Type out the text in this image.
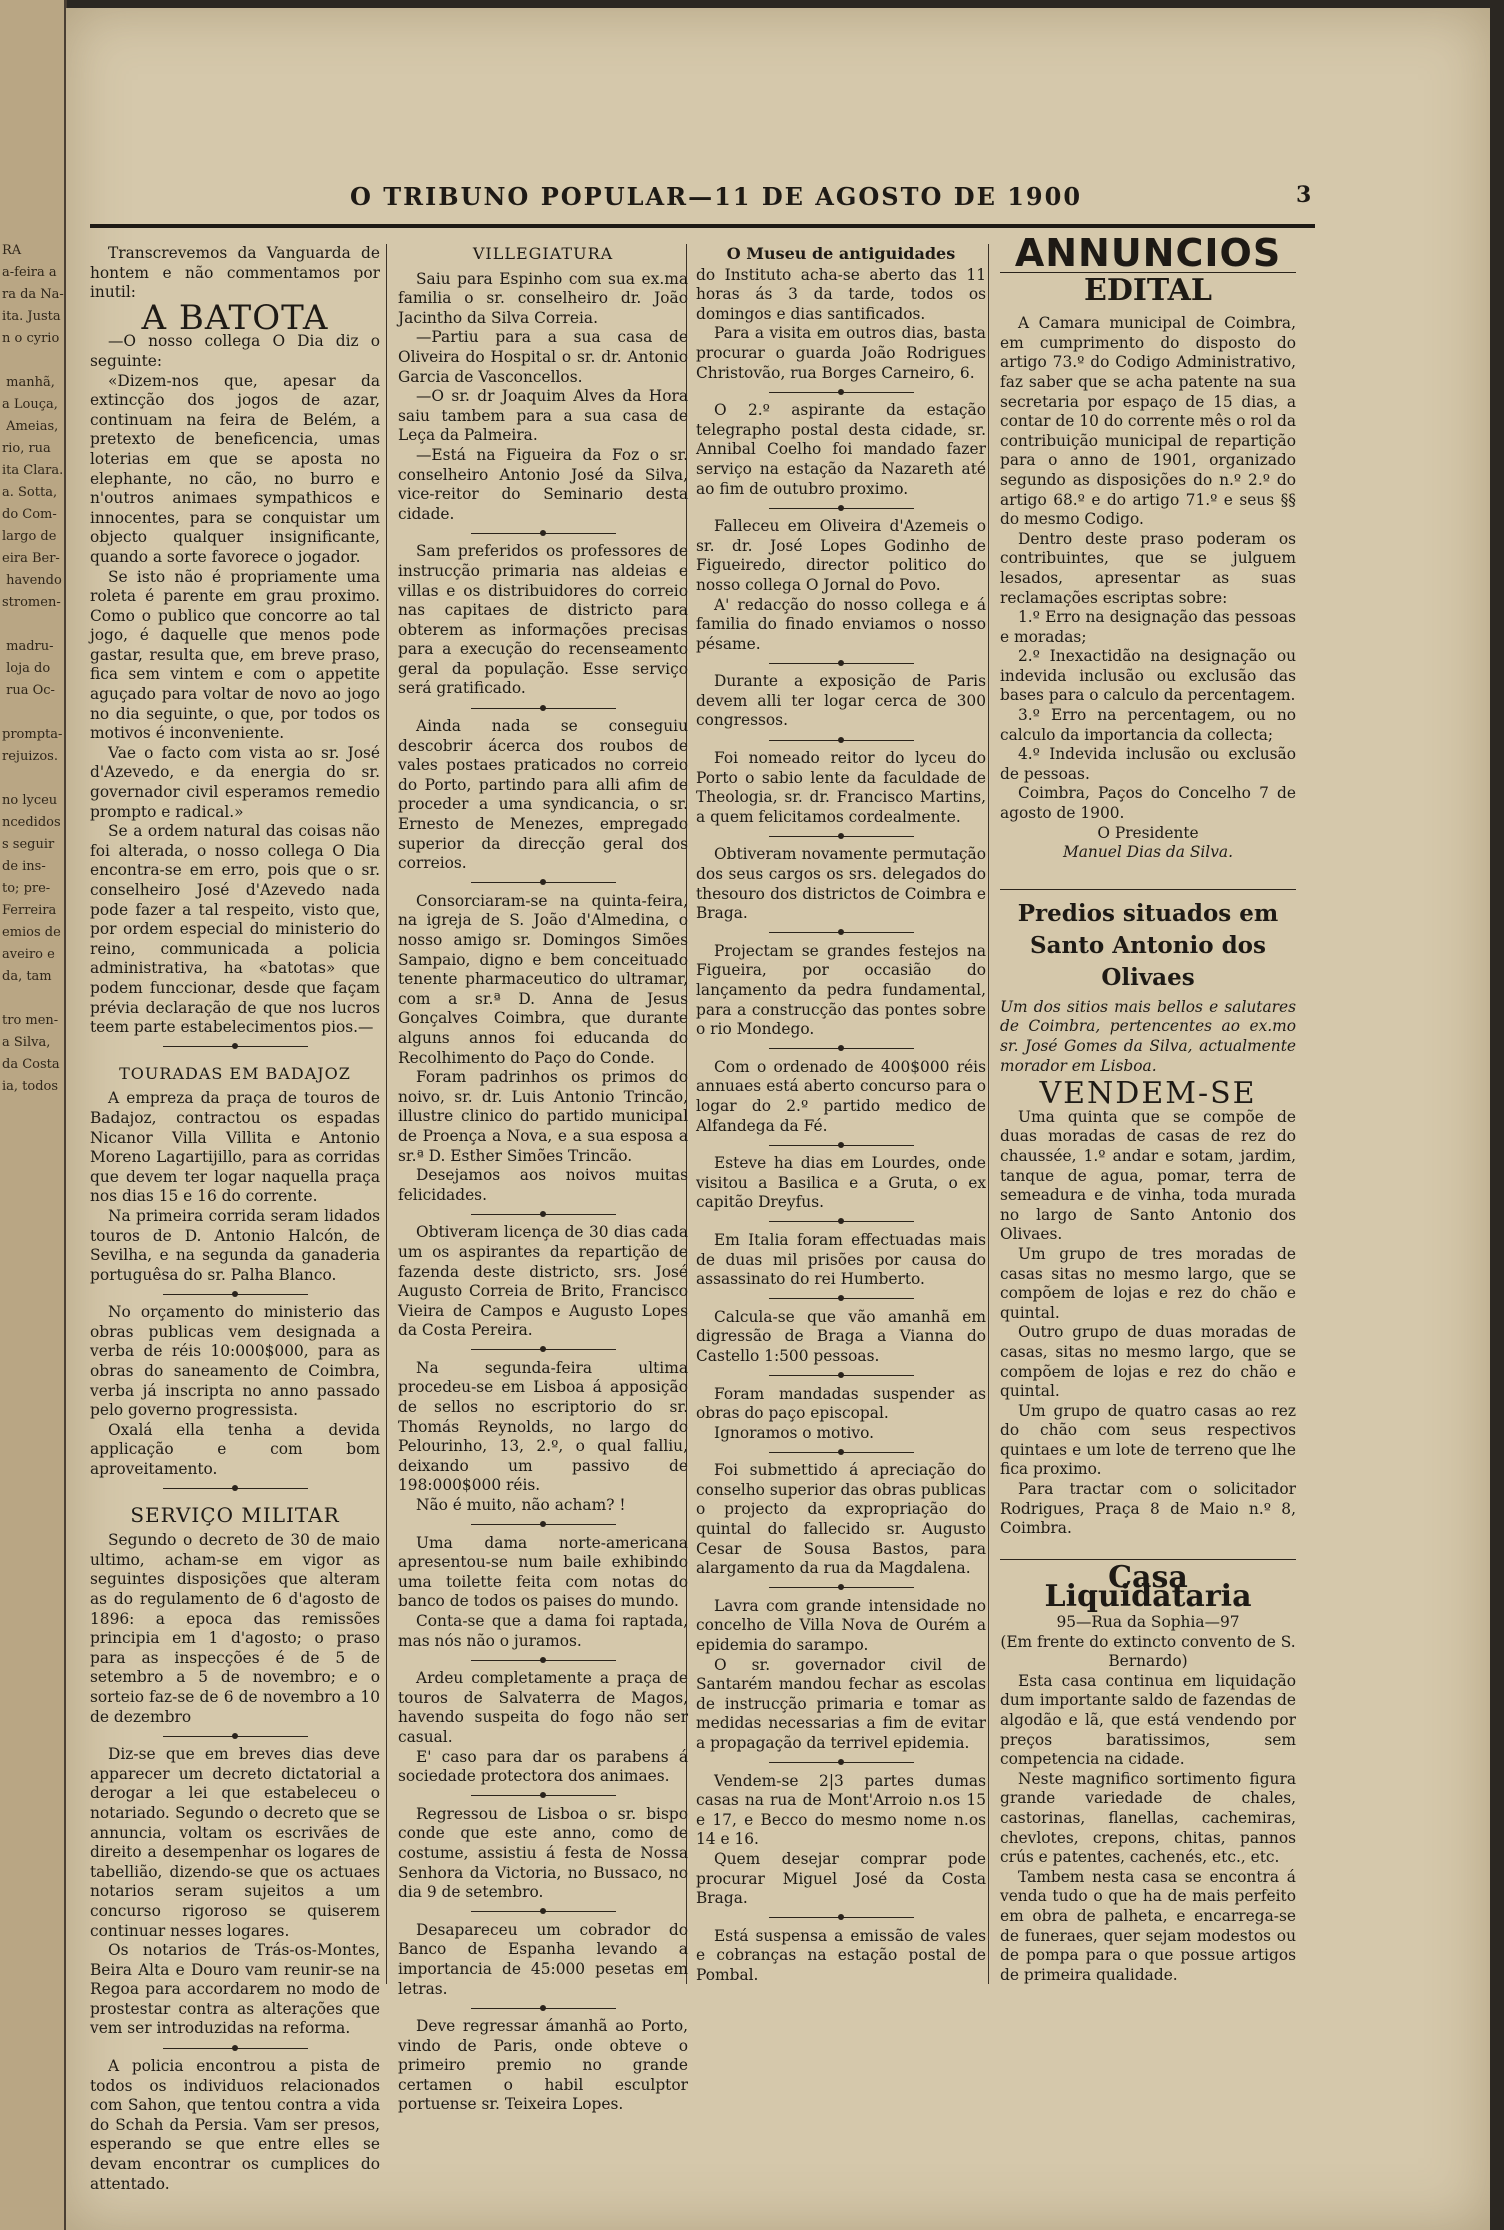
RA
a-feira a
ra da Na-
ita. Justa
n o cyrio

manhã,
a Louça,
Ameias,
rio, rua
ita Clara.
a. Sotta,
do Com-
largo de
eira Ber-
havendo
stromen-

madru-
loja do
rua Oc-

prompta-
rejuizos.

no lyceu
ncedidos
s seguir
de ins-
to; pre-
Ferreira
emios de
aveiro e
da, tam

tro men-
a Silva,
da Costa
ia, todos
O TRIBUNO POPULAR—11 DE AGOSTO DE 1900	3

Transcrevemos da Vanguarda de hontem e não commentamos por inutil:

A BATOTA

—O nosso collega O Dia diz o seguinte:

«Dizem-nos que, apesar da extincção dos jogos de azar, continuam na feira de Belém, a pretexto de beneficencia, umas loterias em que se aposta no elephante, no cão, no burro e n'outros animaes sympathicos e innocentes, para se conquistar um objecto qualquer insignificante, quando a sorte favorece o jogador.

Se isto não é propriamente uma roleta é parente em grau proximo. Como o publico que concorre ao tal jogo, é daquelle que menos pode gastar, resulta que, em breve praso, fica sem vintem e com o appetite aguçado para voltar de novo ao jogo no dia seguinte, o que, por todos os motivos é inconveniente.

Vae o facto com vista ao sr. José d'Azevedo, e da energia do sr. governador civil esperamos remedio prompto e radical.»

Se a ordem natural das coisas não foi alterada, o nosso collega O Dia encontra-se em erro, pois que o sr. conselheiro José d'Azevedo nada pode fazer a tal respeito, visto que, por ordem especial do ministerio do reino, communicada a policia administrativa, ha «batotas» que podem funccionar, desde que façam prévia declaração de que nos lucros teem parte estabelecimentos pios.—

TOURADAS EM BADAJOZ

A empreza da praça de touros de Badajoz, contractou os espadas Nicanor Villa Villita e Antonio Moreno Lagartijillo, para as corridas que devem ter logar naquella praça nos dias 15 e 16 do corrente.

Na primeira corrida seram lidados touros de D. Antonio Halcón, de Sevilha, e na segunda da ganaderia portuguêsa do sr. Palha Blanco.

No orçamento do ministerio das obras publicas vem designada a verba de réis 10:000$000, para as obras do saneamento de Coimbra, verba já inscripta no anno passado pelo governo progressista.

Oxalá ella tenha a devida applicação e com bom aproveitamento.

SERVIÇO MILITAR

Segundo o decreto de 30 de maio ultimo, acham-se em vigor as seguintes disposições que alteram as do regulamento de 6 d'agosto de 1896: a epoca das remissões principia em 1 d'agosto; o praso para as inspecções é de 5 de setembro a 5 de novembro; e o sorteio faz-se de 6 de novembro a 10 de dezembro

Diz-se que em breves dias deve apparecer um decreto dictatorial a derogar a lei que estabeleceu o notariado. Segundo o decreto que se annuncia, voltam os escrivães de direito a desempenhar os logares de tabellião, dizendo-se que os actuaes notarios seram sujeitos a um concurso rigoroso se quiserem continuar nesses logares.

Os notarios de Trás-os-Montes, Beira Alta e Douro vam reunir-se na Regoa para accordarem no modo de prostestar contra as alterações que vem ser introduzidas na reforma.

A policia encontrou a pista de todos os individuos relacionados com Sahon, que tentou contra a vida do Schah da Persia. Vam ser presos, esperando se que entre elles se devam encontrar os cumplices do attentado.

VILLEGIATURA

Saiu para Espinho com sua ex.ma familia o sr. conselheiro dr. João Jacintho da Silva Correia.

—Partiu para a sua casa de Oliveira do Hospital o sr. dr. Antonio Garcia de Vasconcellos.

—O sr. dr Joaquim Alves da Hora saiu tambem para a sua casa de Leça da Palmeira.

—Está na Figueira da Foz o sr. conselheiro Antonio José da Silva, vice-reitor do Seminario desta cidade.

Sam preferidos os professores de instrucção primaria nas aldeias e villas e os distribuidores do correio nas capitaes de districto para obterem as informações precisas para a execução do recenseamento geral da população. Esse serviço será gratificado.

Ainda nada se conseguiu descobrir ácerca dos roubos de vales postaes praticados no correio do Porto, partindo para alli afim de proceder a uma syndicancia, o sr. Ernesto de Menezes, empregado superior da direcção geral dos correios.

Consorciaram-se na quinta-feira, na igreja de S. João d'Almedina, o nosso amigo sr. Domingos Simões Sampaio, digno e bem conceituado tenente pharmaceutico do ultramar, com a sr.ª D. Anna de Jesus Gonçalves Coimbra, que durante alguns annos foi educanda do Recolhimento do Paço do Conde.

Foram padrinhos os primos do noivo, sr. dr. Luis Antonio Trincão, illustre clinico do partido municipal de Proença a Nova, e a sua esposa a sr.ª D. Esther Simões Trincão.

Desejamos aos noivos muitas felicidades.

Obtiveram licença de 30 dias cada um os aspirantes da repartição de fazenda deste districto, srs. José Augusto Correia de Brito, Francisco Vieira de Campos e Augusto Lopes da Costa Pereira.

Na segunda-feira ultima procedeu-se em Lisboa á apposição de sellos no escriptorio do sr. Thomás Reynolds, no largo do Pelourinho, 13, 2.º, o qual falliu, deixando um passivo de 198:000$000 réis.

Não é muito, não acham? !

Uma dama norte-americana apresentou-se num baile exhibindo uma toilette feita com notas do banco de todos os paises do mundo.

Conta-se que a dama foi raptada, mas nós não o juramos.

Ardeu completamente a praça de touros de Salvaterra de Magos, havendo suspeita do fogo não ser casual.

E' caso para dar os parabens á sociedade protectora dos animaes.

Regressou de Lisboa o sr. bispo conde que este anno, como de costume, assistiu á festa de Nossa Senhora da Victoria, no Bussaco, no dia 9 de setembro.

Desapareceu um cobrador do Banco de Espanha levando a importancia de 45:000 pesetas em letras.

Deve regressar ámanhã ao Porto, vindo de Paris, onde obteve o primeiro premio no grande certamen o habil esculptor portuense sr. Teixeira Lopes.

O Museu de antiguidades

do Instituto acha-se aberto das 11 horas ás 3 da tarde, todos os domingos e dias santificados.

Para a visita em outros dias, basta procurar o guarda João Rodrigues Christovão, rua Borges Carneiro, 6.

O 2.º aspirante da estação telegrapho postal desta cidade, sr. Annibal Coelho foi mandado fazer serviço na estação da Nazareth até ao fim de outubro proximo.

Falleceu em Oliveira d'Azemeis o sr. dr. José Lopes Godinho de Figueiredo, director politico do nosso collega O Jornal do Povo.

A' redacção do nosso collega e á familia do finado enviamos o nosso pésame.

Durante a exposição de Paris devem alli ter logar cerca de 300 congressos.

Foi nomeado reitor do lyceu do Porto o sabio lente da faculdade de Theologia, sr. dr. Francisco Martins, a quem felicitamos cordealmente.

Obtiveram novamente permutação dos seus cargos os srs. delegados do thesouro dos districtos de Coimbra e Braga.

Projectam se grandes festejos na Figueira, por occasião do lançamento da pedra fundamental, para a construcção das pontes sobre o rio Mondego.

Com o ordenado de 400$000 réis annuaes está aberto concurso para o logar do 2.º partido medico de Alfandega da Fé.

Esteve ha dias em Lourdes, onde visitou a Basilica e a Gruta, o ex capitão Dreyfus.

Em Italia foram effectuadas mais de duas mil prisões por causa do assassinato do rei Humberto.

Calcula-se que vão amanhã em digressão de Braga a Vianna do Castello 1:500 pessoas.

Foram mandadas suspender as obras do paço episcopal.

Ignoramos o motivo.

Foi submettido á apreciação do conselho superior das obras publicas o projecto da expropriação do quintal do fallecido sr. Augusto Cesar de Sousa Bastos, para alargamento da rua da Magdalena.

Lavra com grande intensidade no concelho de Villa Nova de Ourém a epidemia do sarampo.

O sr. governador civil de Santarém mandou fechar as escolas de instrucção primaria e tomar as medidas necessarias a fim de evitar a propagação da terrivel epidemia.

Vendem-se 2|3 partes dumas casas na rua de Mont'Arroio n.os 15 e 17, e Becco do mesmo nome n.os 14 e 16.

Quem desejar comprar pode procurar Miguel José da Costa Braga.

Está suspensa a emissão de vales e cobranças na estação postal de Pombal.

ANNUNCIOS
EDITAL

A Camara municipal de Coimbra, em cumprimento do disposto do artigo 73.º do Codigo Administrativo, faz saber que se acha patente na sua secretaria por espaço de 15 dias, a contar de 10 do corrente mês o rol da contribuição municipal de repartição para o anno de 1901, organizado segundo as disposições do n.º 2.º do artigo 68.º e do artigo 71.º e seus §§ do mesmo Codigo.

Dentro deste praso poderam os contribuintes, que se julguem lesados, apresentar as suas reclamações escriptas sobre:

1.º Erro na designação das pessoas e moradas;

2.º Inexactidão na designação ou indevida inclusão ou exclusão das bases para o calculo da percentagem.

3.º Erro na percentagem, ou no calculo da importancia da collecta;

4.º Indevida inclusão ou exclusão de pessoas.

Coimbra, Paços do Concelho 7 de agosto de 1900.

O Presidente

Manuel Dias da Silva.

Predios situados em Santo Antonio dos Olivaes

Um dos sitios mais bellos e salutares de Coimbra, pertencentes ao ex.mo sr. José Gomes da Silva, actualmente morador em Lisboa.

VENDEM-SE

Uma quinta que se compõe de duas moradas de casas de rez do chaussée, 1.º andar e sotam, jardim, tanque de agua, pomar, terra de semeadura e de vinha, toda murada no largo de Santo Antonio dos Olivaes.

Um grupo de tres moradas de casas sitas no mesmo largo, que se compõem de lojas e rez do chão e quintal.

Outro grupo de duas moradas de casas, sitas no mesmo largo, que se compõem de lojas e rez do chão e quintal.

Um grupo de quatro casas ao rez do chão com seus respectivos quintaes e um lote de terreno que lhe fica proximo.

Para tractar com o solicitador Rodrigues, Praça 8 de Maio n.º 8, Coimbra.

Casa Liquidataria

95—Rua da Sophia—97

(Em frente do extincto convento de S. Bernardo)

Esta casa continua em liquidação dum importante saldo de fazendas de algodão e lã, que está vendendo por preços baratissimos, sem competencia na cidade.

Neste magnifico sortimento figura grande variedade de chales, castorinas, flanellas, cachemiras, chevlotes, crepons, chitas, pannos crús e patentes, cachenés, etc., etc.

Tambem nesta casa se encontra á venda tudo o que ha de mais perfeito em obra de palheta, e encarrega-se de funeraes, quer sejam modestos ou de pompa para o que possue artigos de primeira qualidade.
